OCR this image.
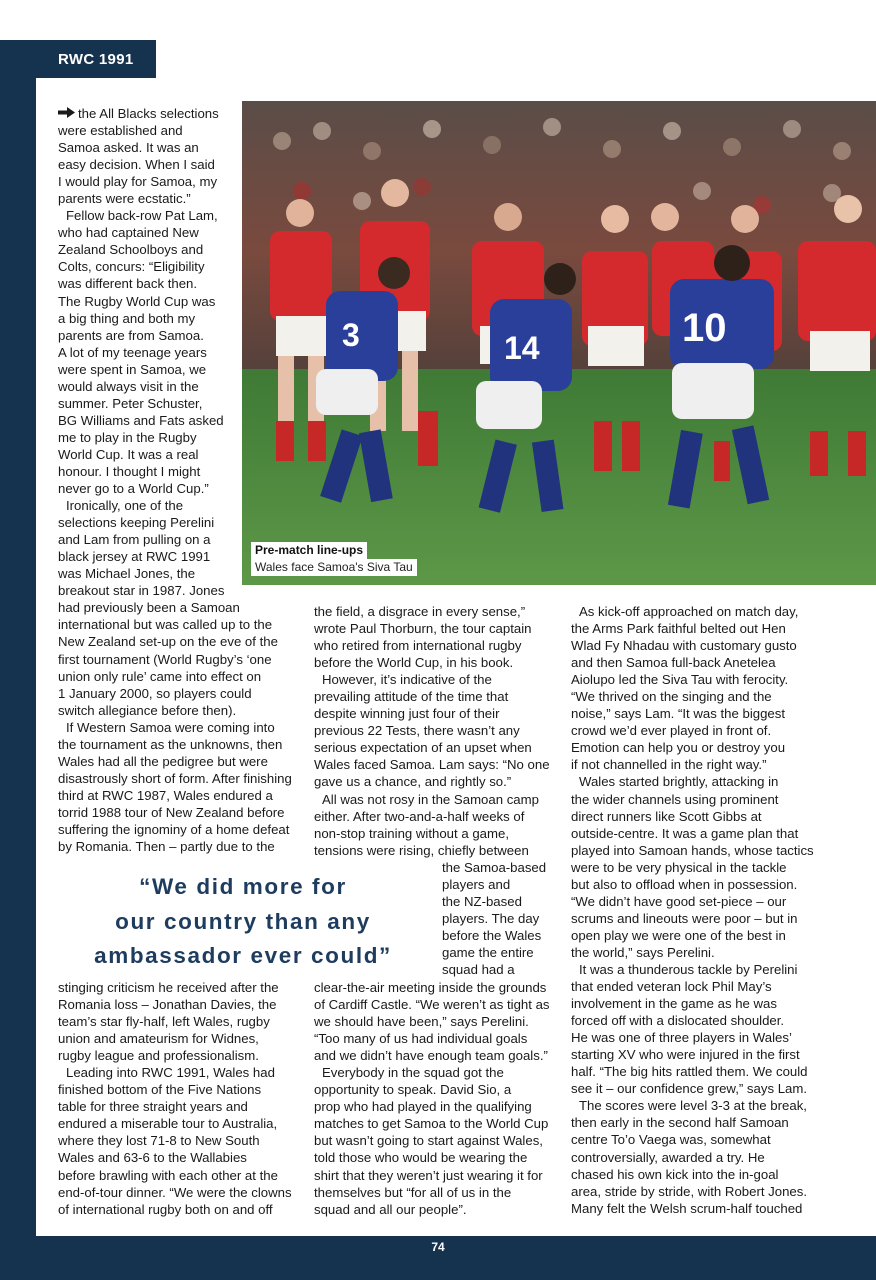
RWC 1991
3	14	10
Pre-match line-ups
Wales face Samoa's Siva Tau
the All Blacks selections
were established and
Samoa asked. It was an
easy decision. When I said
I would play for Samoa, my
parents were ecstatic.”
Fellow back-row Pat Lam,
who had captained New
Zealand Schoolboys and
Colts, concurs: “Eligibility
was different back then.
The Rugby World Cup was
a big thing and both my
parents are from Samoa.
A lot of my teenage years
were spent in Samoa, we
would always visit in the
summer. Peter Schuster,
BG Williams and Fats asked
me to play in the Rugby
World Cup. It was a real
honour. I thought I might
never go to a World Cup.”
Ironically, one of the
selections keeping Perelini
and Lam from pulling on a
black jersey at RWC 1991
was Michael Jones, the
breakout star in 1987. Jones
had previously been a Samoan
international but was called up to the
New Zealand set-up on the eve of the
first tournament (World Rugby’s ‘one
union only rule’ came into effect on
1 January 2000, so players could
switch allegiance before then).
If Western Samoa were coming into
the tournament as the unknowns, then
Wales had all the pedigree but were
disastrously short of form. After finishing
third at RWC 1987, Wales endured a
torrid 1988 tour of New Zealand before
suffering the ignominy of a home defeat
by Romania. Then – partly due to the
“We did more for
our country than any
ambassador ever could”
stinging criticism he received after the
Romania loss – Jonathan Davies, the
team’s star fly-half, left Wales, rugby
union and amateurism for Widnes,
rugby league and professionalism.
Leading into RWC 1991, Wales had
finished bottom of the Five Nations
table for three straight years and
endured a miserable tour to Australia,
where they lost 71-8 to New South
Wales and 63-6 to the Wallabies
before brawling with each other at the
end-of-tour dinner. “We were the clowns
of international rugby both on and off
the field, a disgrace in every sense,”
wrote Paul Thorburn, the tour captain
who retired from international rugby
before the World Cup, in his book.
However, it’s indicative of the
prevailing attitude of the time that
despite winning just four of their
previous 22 Tests, there wasn’t any
serious expectation of an upset when
Wales faced Samoa. Lam says: “No one
gave us a chance, and rightly so.”
All was not rosy in the Samoan camp
either. After two-and-a-half weeks of
non-stop training without a game,
tensions were rising, chiefly between
the Samoa-based
players and
the NZ-based
players. The day
before the Wales
game the entire
squad had a
clear-the-air meeting inside the grounds
of Cardiff Castle. “We weren’t as tight as
we should have been,” says Perelini.
“Too many of us had individual goals
and we didn’t have enough team goals.”
Everybody in the squad got the
opportunity to speak. David Sio, a
prop who had played in the qualifying
matches to get Samoa to the World Cup
but wasn’t going to start against Wales,
told those who would be wearing the
shirt that they weren’t just wearing it for
themselves but “for all of us in the
squad and all our people”.
As kick-off approached on match day,
the Arms Park faithful belted out Hen
Wlad Fy Nhadau with customary gusto
and then Samoa full-back Anetelea
Aiolupo led the Siva Tau with ferocity.
“We thrived on the singing and the
noise,” says Lam. “It was the biggest
crowd we’d ever played in front of.
Emotion can help you or destroy you
if not channelled in the right way.”
Wales started brightly, attacking in
the wider channels using prominent
direct runners like Scott Gibbs at
outside-centre. It was a game plan that
played into Samoan hands, whose tactics
were to be very physical in the tackle
but also to offload when in possession.
“We didn’t have good set-piece – our
scrums and lineouts were poor – but in
open play we were one of the best in
the world,” says Perelini.
It was a thunderous tackle by Perelini
that ended veteran lock Phil May’s
involvement in the game as he was
forced off with a dislocated shoulder.
He was one of three players in Wales’
starting XV who were injured in the first
half. “The big hits rattled them. We could
see it – our confidence grew,” says Lam.
The scores were level 3-3 at the break,
then early in the second half Samoan
centre To’o Vaega was, somewhat
controversially, awarded a try. He
chased his own kick into the in-goal
area, stride by stride, with Robert Jones.
Many felt the Welsh scrum-half touched
74
